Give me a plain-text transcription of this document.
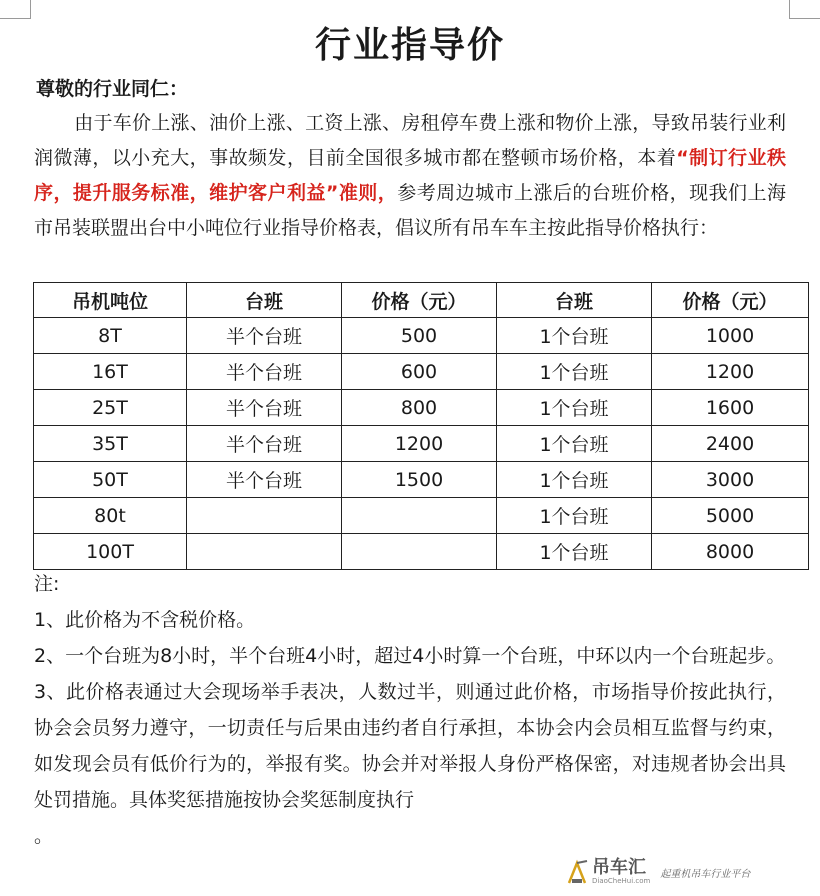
行业指导价
尊敬的行业同仁：
由于车价上涨、油价上涨、工资上涨、房租停车费上涨和物价上涨，导致吊装行业利润微薄，以小充大，事故频发，目前全国很多城市都在整顿市场价格，本着“制订行业秩序，提升服务标准，维护客户利益”准则，参考周边城市上涨后的台班价格，现我们上海市吊装联盟出台中小吨位行业指导价格表，倡议所有吊车车主按此指导价格执行：
吊机吨位	台班	价格（元）	台班	价格（元）
8T	半个台班	500	1个台班	1000
16T	半个台班	600	1个台班	1200
25T	半个台班	800	1个台班	1600
35T	半个台班	1200	1个台班	2400
50T	半个台班	1500	1个台班	3000
80t			1个台班	5000
100T			1个台班	8000

注:

1、此价格为不含税价格。

2、一个台班为8小时，半个台班4小时，超过4小时算一个台班，中环以内一个台班起步。

3、此价格表通过大会现场举手表决，人数过半，则通过此价格，市场指导价按此执行，协会会员努力遵守，一切责任与后果由违约者自行承担，本协会内会员相互监督与约束，如发现会员有低价行为的，举报有奖。协会并对举报人身份严格保密，对违规者协会出具处罚措施。具体奖惩措施按协会奖惩制度执行

。

吊车汇
DiaoCheHui.com
起重机吊车行业平台
